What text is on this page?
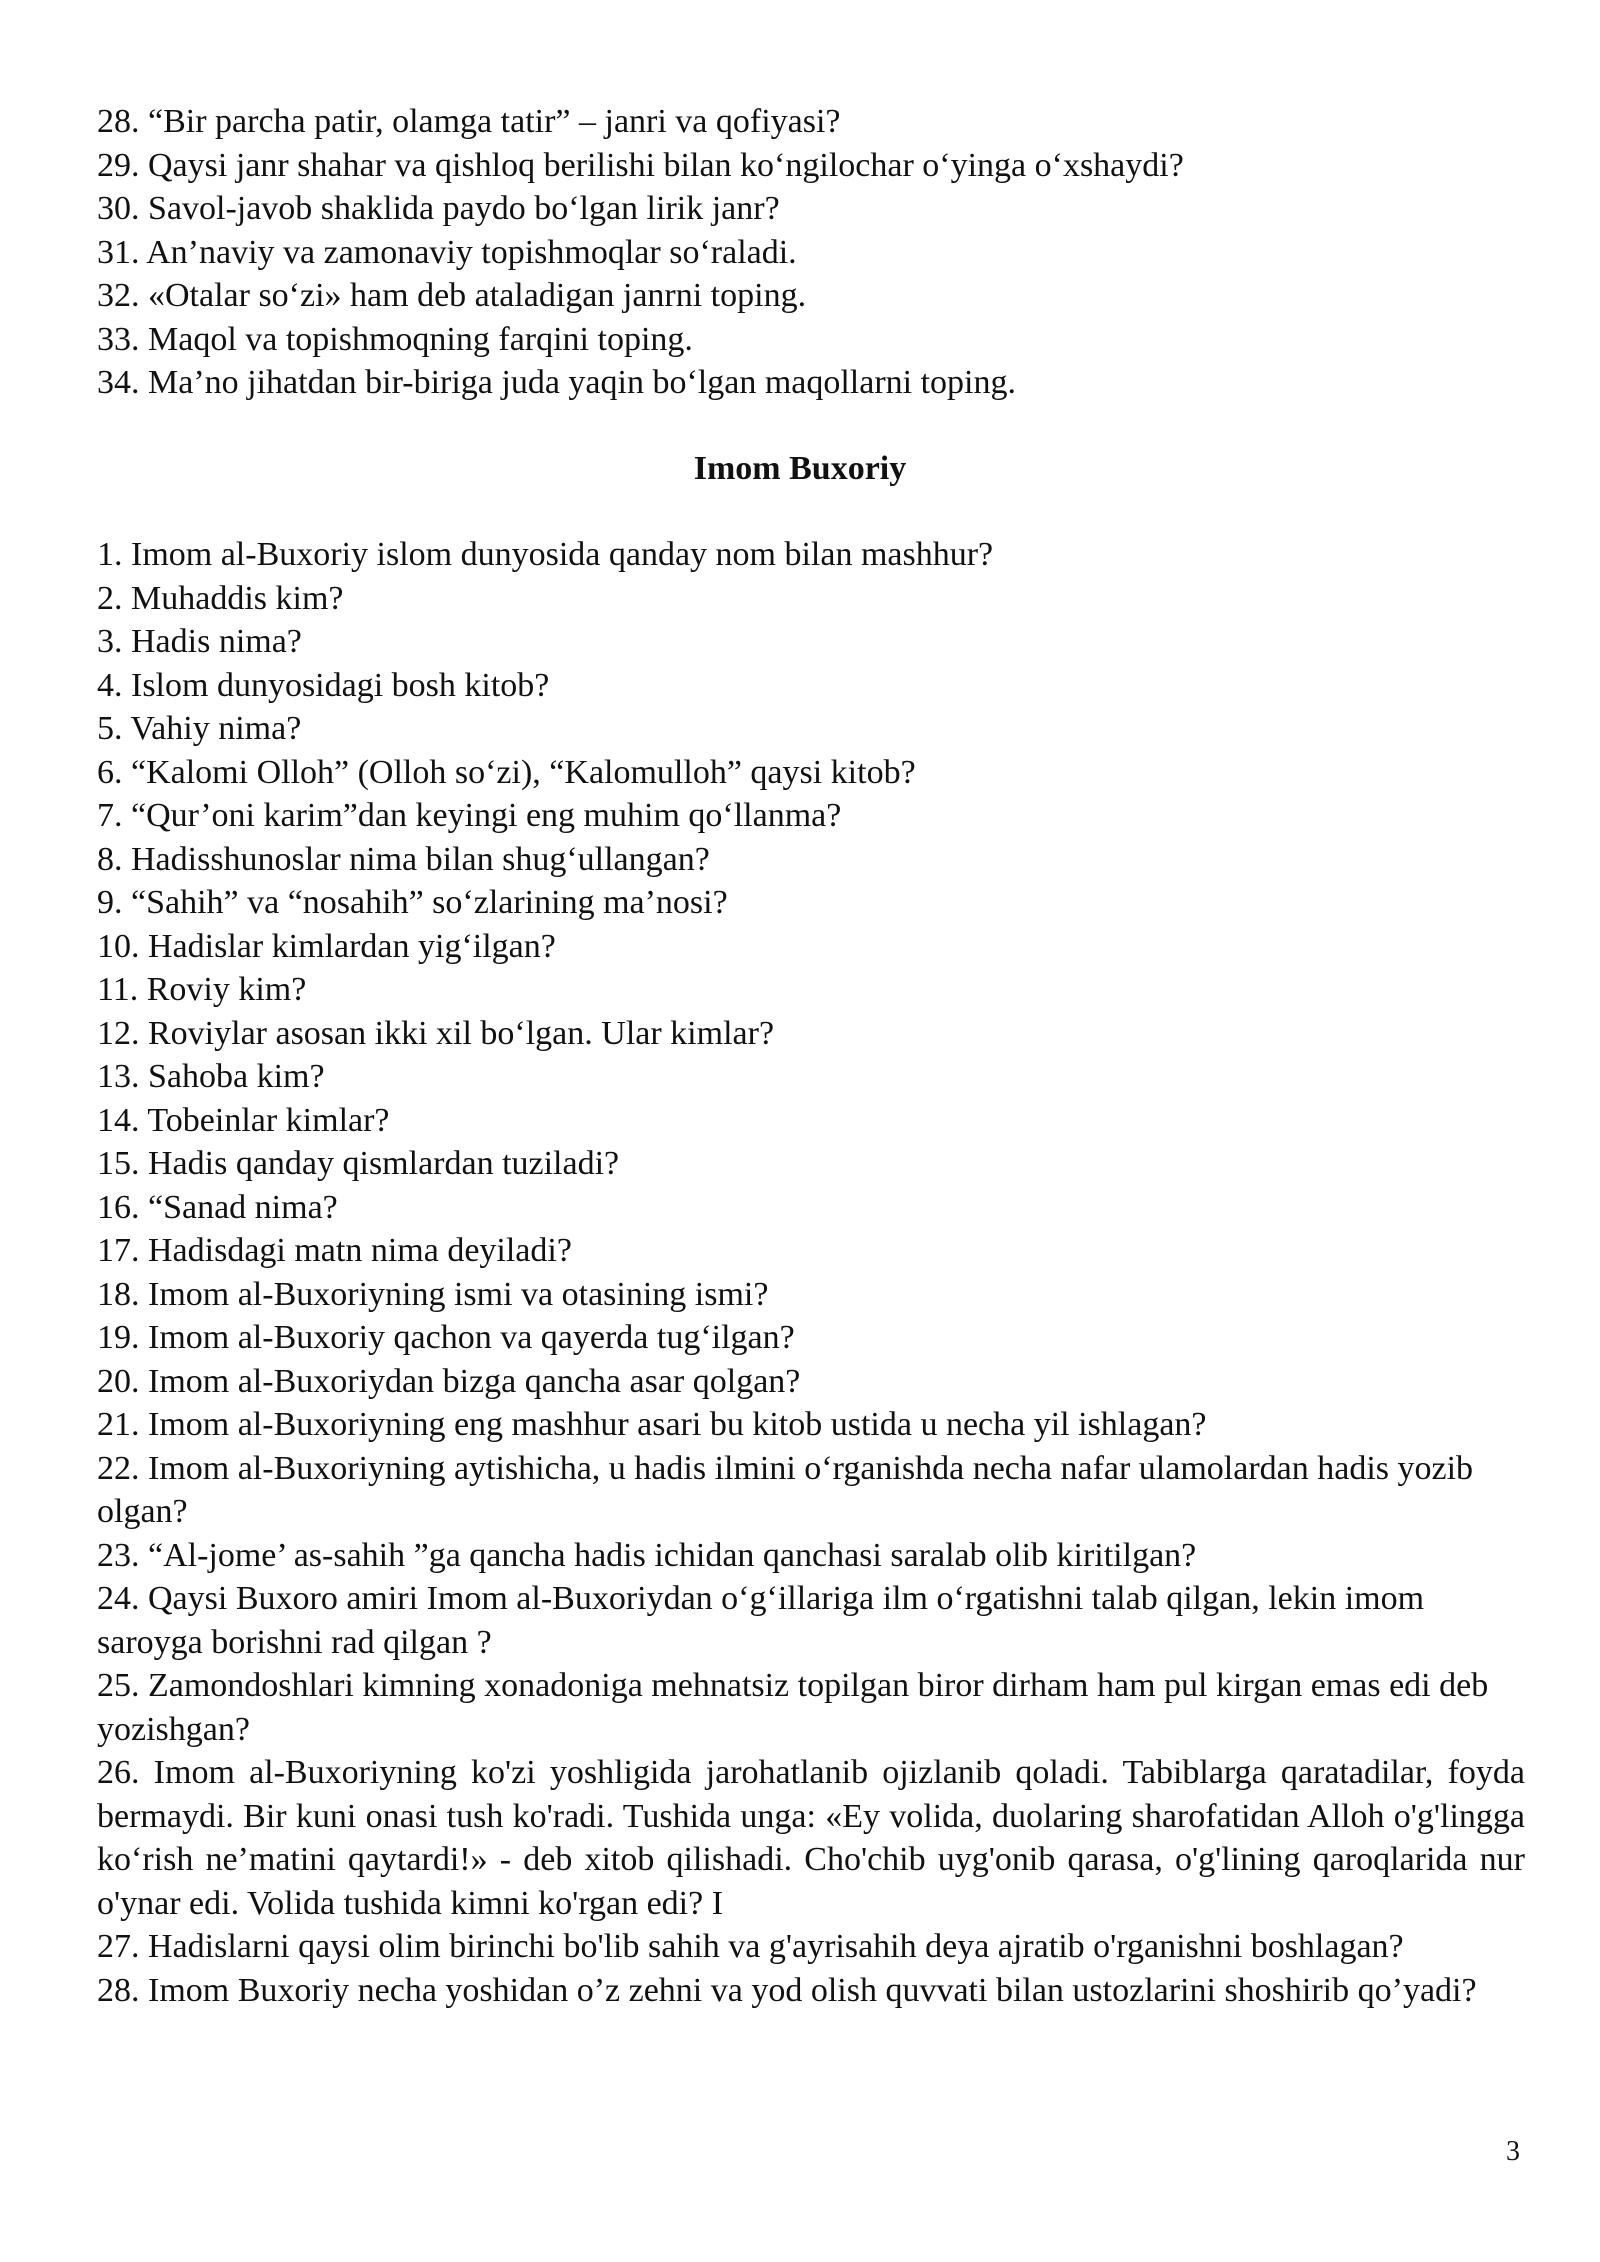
28. “Bir parcha patir, olamga tatir” – janri va qofiyasi?
29. Qaysi janr shahar va qishloq berilishi bilan koʻngilochar oʻyinga oʻxshaydi?
30. Savol-javob shaklida paydo boʻlgan lirik janr?
31. An’naviy va zamonaviy topishmoqlar soʻraladi.
32. «Otalar soʻzi» ham deb ataladigan janrni toping.
33. Maqol va topishmoqning farqini toping.
34. Ma’no jihatdan bir-biriga juda yaqin boʻlgan maqollarni toping.
Imom Buxoriy
1. Imom al-Buxoriy islom dunyosida qanday nom bilan mashhur?
2. Muhaddis kim?
3. Hadis nima?
4. Islom dunyosidagi bosh kitob?
5. Vahiy nima?
6. “Kalomi Olloh” (Olloh soʻzi), “Kalomulloh” qaysi kitob?
7. “Qur’oni karim”dan keyingi eng muhim qoʻllanma?
8. Hadisshunoslar nima bilan shugʻullangan?
9. “Sahih” va “nosahih” soʻzlarining ma’nosi?
10. Hadislar kimlardan yigʻilgan?
11. Roviy kim?
12. Roviylar asosan ikki xil boʻlgan. Ular kimlar?
13. Sahoba kim?
14. Tobeinlar kimlar?
15. Hadis qanday qismlardan tuziladi?
16. “Sanad nima?
17. Hadisdagi matn nima deyiladi?
18. Imom al-Buxoriyning ismi va otasining ismi?
19. Imom al-Buxoriy qachon va qayerda tugʻilgan?
20. Imom al-Buxoriydan bizga qancha asar qolgan?
21. Imom al-Buxoriyning eng mashhur asari bu kitob ustida u necha yil ishlagan?
22. Imom al-Buxoriyning aytishicha, u hadis ilmini oʻrganishda necha nafar ulamolardan hadis yozib olgan?
23. “Al-jome’ as-sahih ”ga qancha hadis ichidan qanchasi saralab olib kiritilgan?
24. Qaysi Buxoro amiri Imom al-Buxoriydan oʻgʻillariga ilm oʻrgatishni talab qilgan, lekin imom saroyga borishni rad qilgan ?
25. Zamondoshlari kimning xonadoniga mehnatsiz topilgan biror dirham ham pul kirgan emas edi deb yozishgan?
26. Imom al-Buxoriyning ko'zi yoshligida jarohatlanib ojizlanib qoladi. Tabiblarga qaratadilar, foyda bermaydi. Bir kuni onasi tush ko'radi. Tushida unga: «Ey volida, duolaring sharofatidan Alloh o'g'lingga koʻrish ne’matini qaytardi!» - deb xitob qilishadi. Cho'chib uyg'onib qarasa, o'g'lining qaroqlarida nur o'ynar edi. Volida tushida kimni ko'rgan edi? I
27. Hadislarni qaysi olim birinchi bo'lib sahih va g'ayrisahih deya ajratib o'rganishni boshlagan?
28. Imom Buxoriy necha yoshidan o’z zehni va yod olish quvvati bilan ustozlarini shoshirib qo’yadi?
3
